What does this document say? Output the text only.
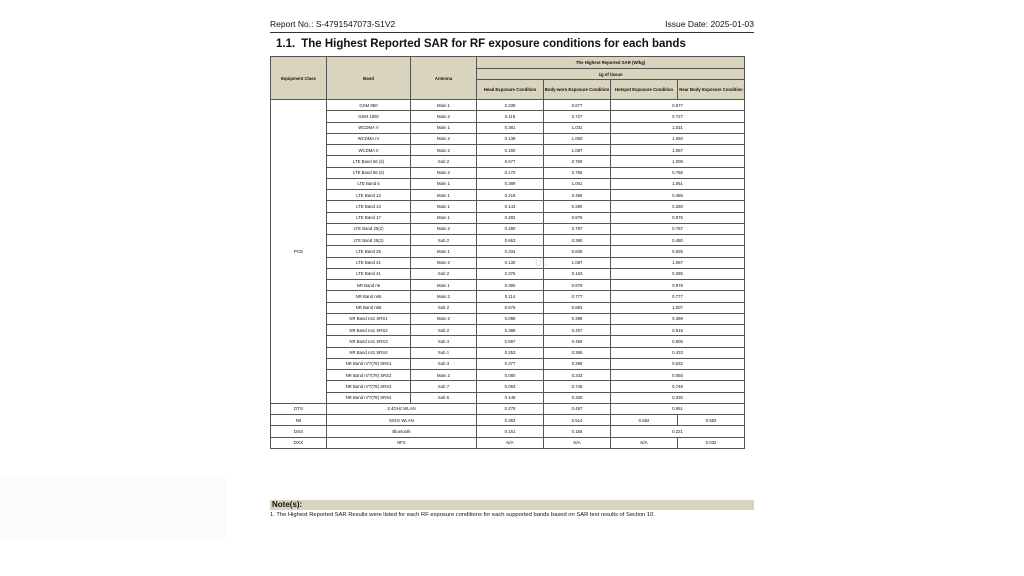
Report No.: S-4791547073-S1V2	Issue Date: 2025-01-03
1.1. The Highest Reported SAR for RF exposure conditions for each bands
Equipment Class	Band	Antenna	The Highest Reported SAR (W/kg)			
			1g of tissue			
			Head Exposure Condition	Body-worn Exposure Condition	Hotspot Exposure Condition	Near Body Exposure Condition
PCE	GSM 850	Main 1	0.339	0.677	0.677	
	GSM 1900	Main 2	0.118	0.727	0.727	
	WCDMA V	Main 1	0.381	1.031	1.031	
	WCDMA IV	Main 2	0.138	1.060	1.060	
	WCDMA II	Main 2	0.160	1.087	1.087	
	LTE Band 66 (4)	Sub 2	0.677	0.760	1.009	
	LTE Band 66 (4)	Main 2	0.170	0.755	0.755	
	LTE Band 5	Main 1	0.389	1.061	1.061	
	LTE Band 12	Main 1	0.218	0.486	0.486	
	LTE Band 13	Main 1	0.143	0.280	0.280	
	LTE Band 17	Main 1	0.282	0.875	0.875	
	LTE Band 25(2)	Main 2	0.290	0.787	0.787	
	LTE Band 25(2)	Sub 2	0.663	0.390	0.480	
	LTE Band 26	Main 1	0.334	0.835	0.835	
	LTE Band 41	Main 2	0.130	1.087	1.087	
	LTE Band 41	Sub 2	0.376	0.163	0.285	
	NR Band n5	Main 1	0.390	0.979	0.979	
	NR Band n66	Main 2	0.114	0.777	0.777	
	NR Band n66	Sub 2	0.676	0.893	1.007	
	NR Band n41 SRS1	Main 2	0.098	0.399	0.399	
	NR Band n41 SRS2	Sub 2	0.398	0.407	0.515	
	NR Band n41 SRS3	Sub 4	0.597	0.456	0.605	
	NR Band n41 SRS4	Sub 1	0.253	0.365	0.433	
	NR Band n77(78) SRS1	Sub 3	0.377	0.398	0.632	
	NR Band n77(78) SRS2	Main 2	0.080	0.333	0.055	
	NR Band n77(78) SRS3	Sub 7	0.093	0.748	0.748	
	NR Band n77(78) SRS4	Sub 6	0.149	0.330	0.330	
DTS	2.4GHz WLAN		0.278	0.497	0.651	
NII	5GHz WLAN		0.353	0.514	0.682	0.582
DSS	Bluetooth		0.161	0.155	0.221	
DXX	NFC		N/A	N/A	N/A	0.032
Note(s):
1. The Highest Reported SAR Results were listed for each RF exposure conditions for each supported bands based on SAR test results of Section 10.
UL
